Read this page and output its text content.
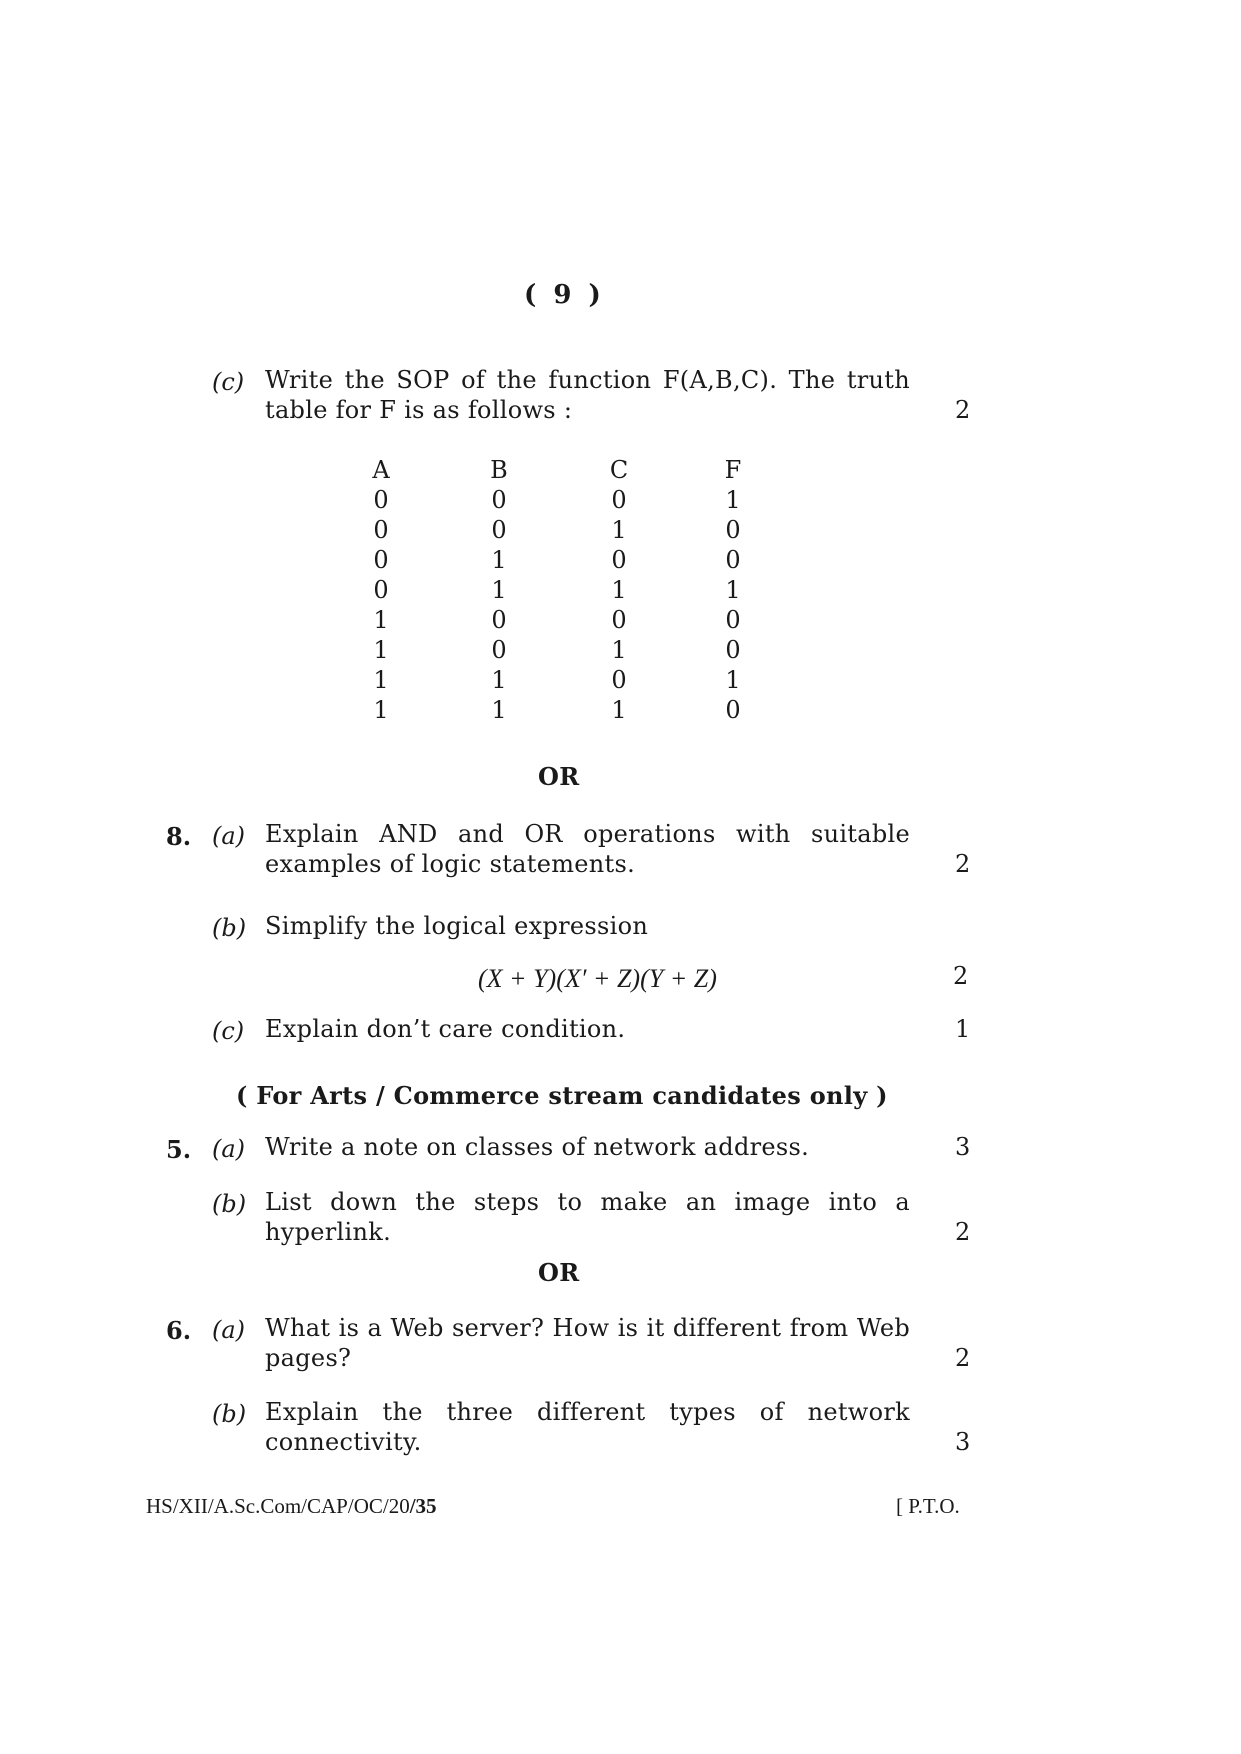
( 9 )
(c) Write the SOP of the function F(A,B,C). The truth
table for F is as follows :	2
A	B	C	F
0	0	0	1
0	0	1	0
0	1	0	0
0	1	1	1
1	0	0	0
1	0	1	0
1	1	0	1
1	1	1	0
OR
8. (a) Explain AND and OR operations with suitable
examples of logic statements.	2
(b) Simplify the logical expression
(X + Y)(X′ + Z)(Y + Z)	2
(c) Explain don’t care condition.	1
( For Arts / Commerce stream candidates only )
5. (a) Write a note on classes of network address.	3
(b) List down the steps to make an image into a
hyperlink.	2
OR
6. (a) What is a Web server? How is it different from Web
pages?	2
(b) Explain the three different types of network
connectivity.	3
HS/XII/A.Sc.Com/CAP/OC/20/35	[ P.T.O.
